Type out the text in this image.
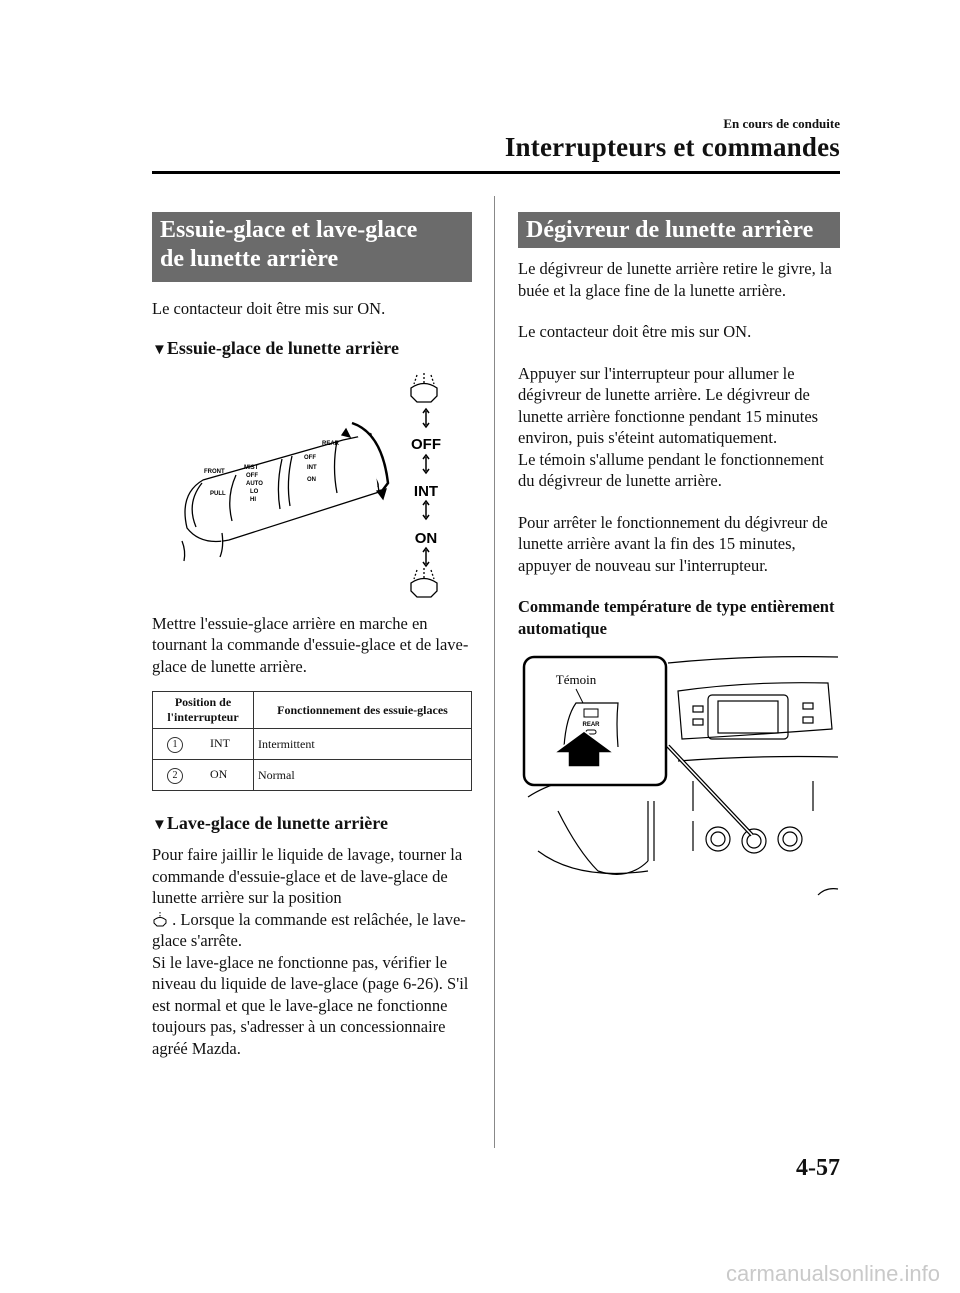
En cours de conduite
Interrupteurs et commandes
Essuie-glace et lave-glace
de lunette arrière

Le contacteur doit être mis sur ON.

▼Essuie-glace de lunette arrière
OFF
INT
ON
FRONT
PULL
MIST
OFF
AUTO
LO
HI
OFF
INT
ON
REAR

Mettre l'essuie-glace arrière en marche en tournant la commande d'essuie-glace et de lave-glace de lunette arrière.

Position de l'interrupteur	Fonctionnement des essuie-glaces
1 INT	Intermittent
2 ON	Normal
▼Lave-glace de lunette arrière

Pour faire jaillir le liquide de lavage, tourner la commande d'essuie-glace et de lave-glace de lunette arrière sur la position
. Lorsque la commande est relâchée, le lave-glace s'arrête.
Si le lave-glace ne fonctionne pas, vérifier le niveau du liquide de lave-glace (page 6-26). S'il est normal et que le lave-glace ne fonctionne toujours pas, s'adresser à un concessionnaire agréé Mazda.

Dégivreur de lunette arrière

Le dégivreur de lunette arrière retire le givre, la buée et la glace fine de la lunette arrière.

Le contacteur doit être mis sur ON.

Appuyer sur l'interrupteur pour allumer le dégivreur de lunette arrière. Le dégivreur de lunette arrière fonctionne pendant 15 minutes environ, puis s'éteint automatiquement.
Le témoin s'allume pendant le fonctionnement du dégivreur de lunette arrière.

Pour arrêter le fonctionnement du dégivreur de lunette arrière avant la fin des 15 minutes, appuyer de nouveau sur l'interrupteur.

Commande température de type entièrement automatique

Témoin
REAR
4-57
carmanualsonline.info
